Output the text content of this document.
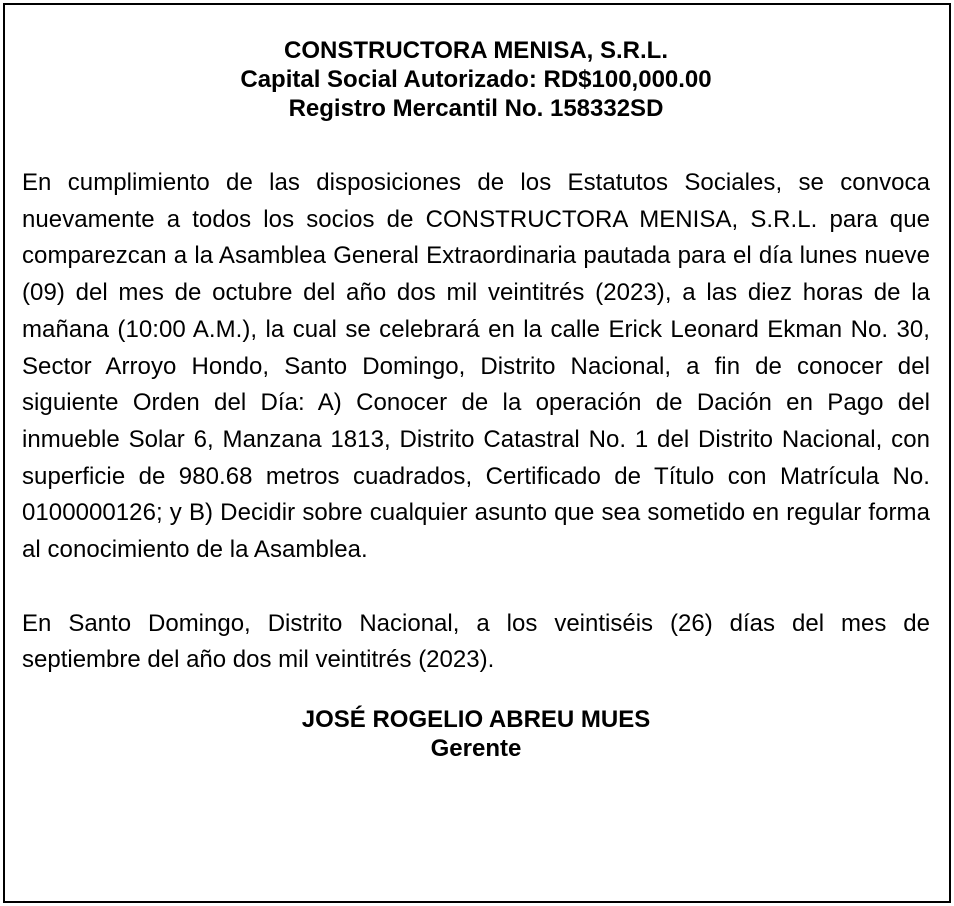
CONSTRUCTORA MENISA, S.R.L.
Capital Social Autorizado: RD$100,000.00
Registro Mercantil No. 158332SD
En cumplimiento de las disposiciones de los Estatutos Sociales, se convoca nuevamente a todos los socios de CONSTRUCTORA MENISA, S.R.L. para que comparezcan a la Asamblea General Extraordinaria pautada para el día lunes nueve (09) del mes de octubre del año dos mil veintitrés (2023), a las diez horas de la mañana (10:00 A.M.), la cual se celebrará en la calle Erick Leonard Ekman No. 30, Sector Arroyo Hondo, Santo Domingo, Distrito Nacional, a fin de conocer del siguiente Orden del Día: A) Conocer de la operación de Dación en Pago del inmueble Solar 6, Manzana 1813, Distrito Catastral No. 1 del Distrito Nacional, con superficie de 980.68 metros cuadrados, Certificado de Título con Matrícula No. 0100000126; y B) Decidir sobre cualquier asunto que sea sometido en regular forma al conocimiento de la Asamblea.
En Santo Domingo, Distrito Nacional, a los veintiséis (26) días del mes de septiembre del año dos mil veintitrés (2023).
JOSÉ ROGELIO ABREU MUES
Gerente
